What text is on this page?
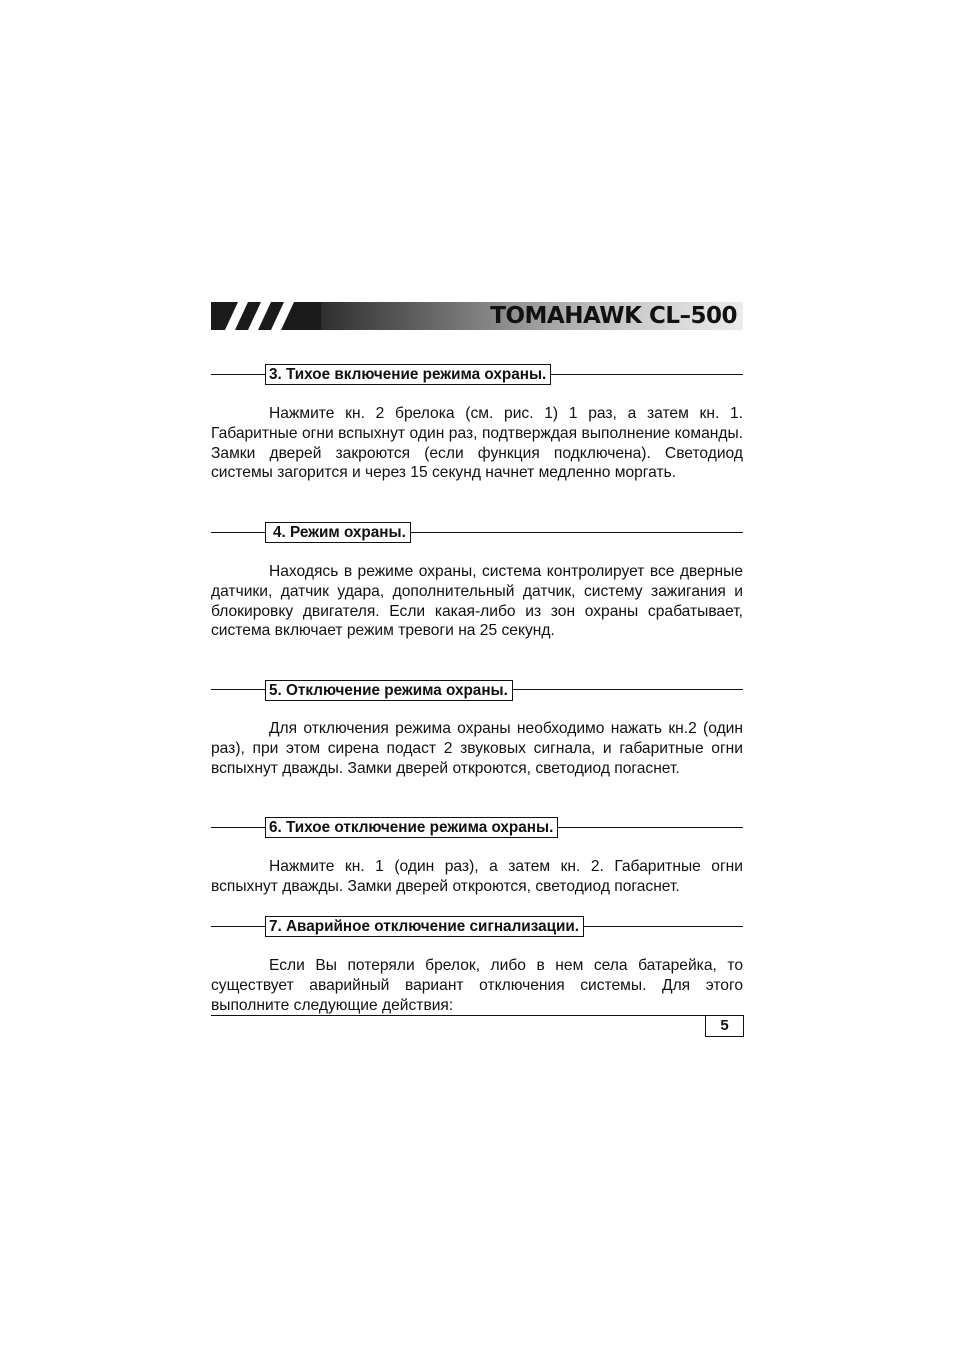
TOMAHAWK CL–500
3. Тихое включение режима охраны.

Нажмите кн. 2 брелока (см. рис. 1) 1 раз, а затем кн. 1. Габаритные огни вспыхнут один раз, подтверждая выполнение команды. Замки дверей закроются (если функция подключена). Светодиод системы загорится и через 15 секунд начнет медленно моргать.

4. Режим охраны.

Находясь в режиме охраны, система контролирует все дверные датчики, датчик удара, дополнительный датчик, систему зажигания и блокировку двигателя. Если какая-либо из зон охраны срабатывает, система включает режим тревоги на 25 секунд.

5. Отключение режима охраны.

Для отключения режима охраны необходимо нажать кн.2 (один раз), при этом сирена подаст 2 звуковых сигнала, и габаритные огни вспыхнут дважды. Замки дверей откроются, светодиод погаснет.

6. Тихое отключение режима охраны.

Нажмите кн. 1 (один раз), а затем кн. 2. Габаритные огни вспыхнут дважды. Замки дверей откроются, светодиод погаснет.

7. Аварийное отключение сигнализации.

Если Вы потеряли брелок, либо в нем села батарейка, то существует аварийный вариант отключения системы. Для этого выполните следующие действия:

5
